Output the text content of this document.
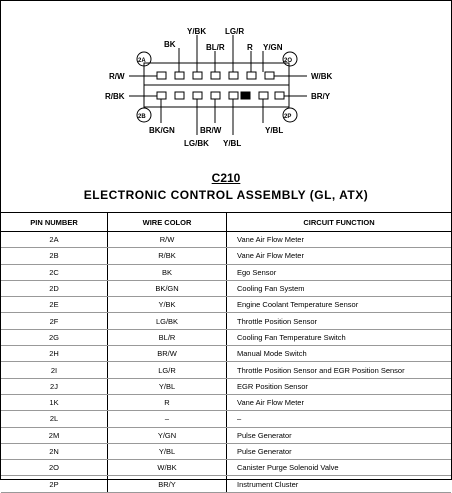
BK
Y/BK
BL/R
LG/R
R Y/GN
BK/GN	BR/W
LG/BK Y/BL
Y/BL
R/W
R/BK
W/BK
BR/Y
2A	2O
2B	2P
C210
ELECTRONIC CONTROL ASSEMBLY (GL, ATX)
PIN NUMBER	WIRE COLOR	CIRCUIT FUNCTION
2A	R/W	Vane Air Flow Meter
2B	R/BK	Vane Air Flow Meter
2C	BK	Ego Sensor
2D	BK/GN	Cooling Fan System
2E	Y/BK	Engine Coolant Temperature Sensor
2F	LG/BK	Throttle Position Sensor
2G	BL/R	Cooling Fan Temperature Switch
2H	BR/W	Manual Mode Switch
2I	LG/R	Throttle Position Sensor and EGR Position Sensor
2J	Y/BL	EGR Position Sensor
1K	R	Vane Air Flow Meter
2L	–	–
2M	Y/GN	Pulse Generator
2N	Y/BL	Pulse Generator
2O	W/BK	Canister Purge Solenoid Valve
2P	BR/Y	Instrument Cluster
